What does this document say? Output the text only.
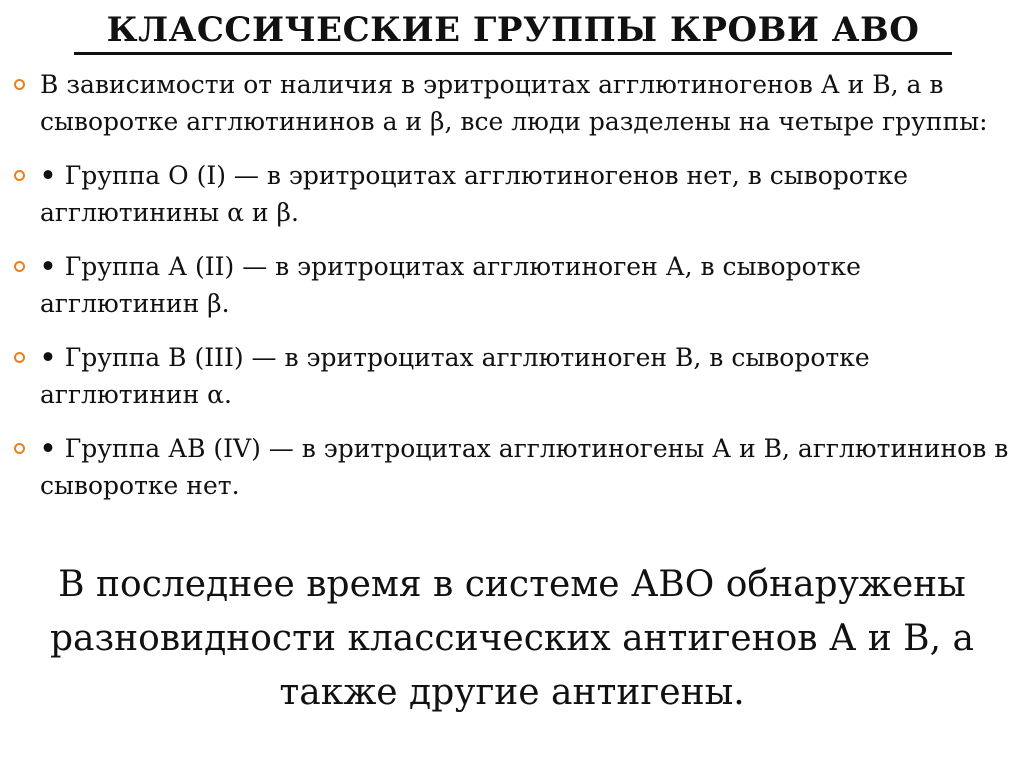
КЛАССИЧЕСКИЕ ГРУППЫ КРОВИ АВО
В зависимости от наличия в эритроцитах агглютиногенов А и В, а в сыворотке агглютининов а и β, все люди разделены на четыре группы:
• Группа О (I) — в эритроцитах агглютиногенов нет, в сыворотке агглютинины α и β.
• Группа А (II) — в эритроцитах агглютиноген А, в сыворотке агглютинин β.
• Группа В (III) — в эритроцитах агглютиноген В, в сыворотке агглютинин α.
• Группа АВ (IV) — в эритроцитах агглютиногены А и В, агглютининов в сыворотке нет.
В последнее время в системе АВО обнаружены разновидности классических антигенов А и В, а также другие антигены.
